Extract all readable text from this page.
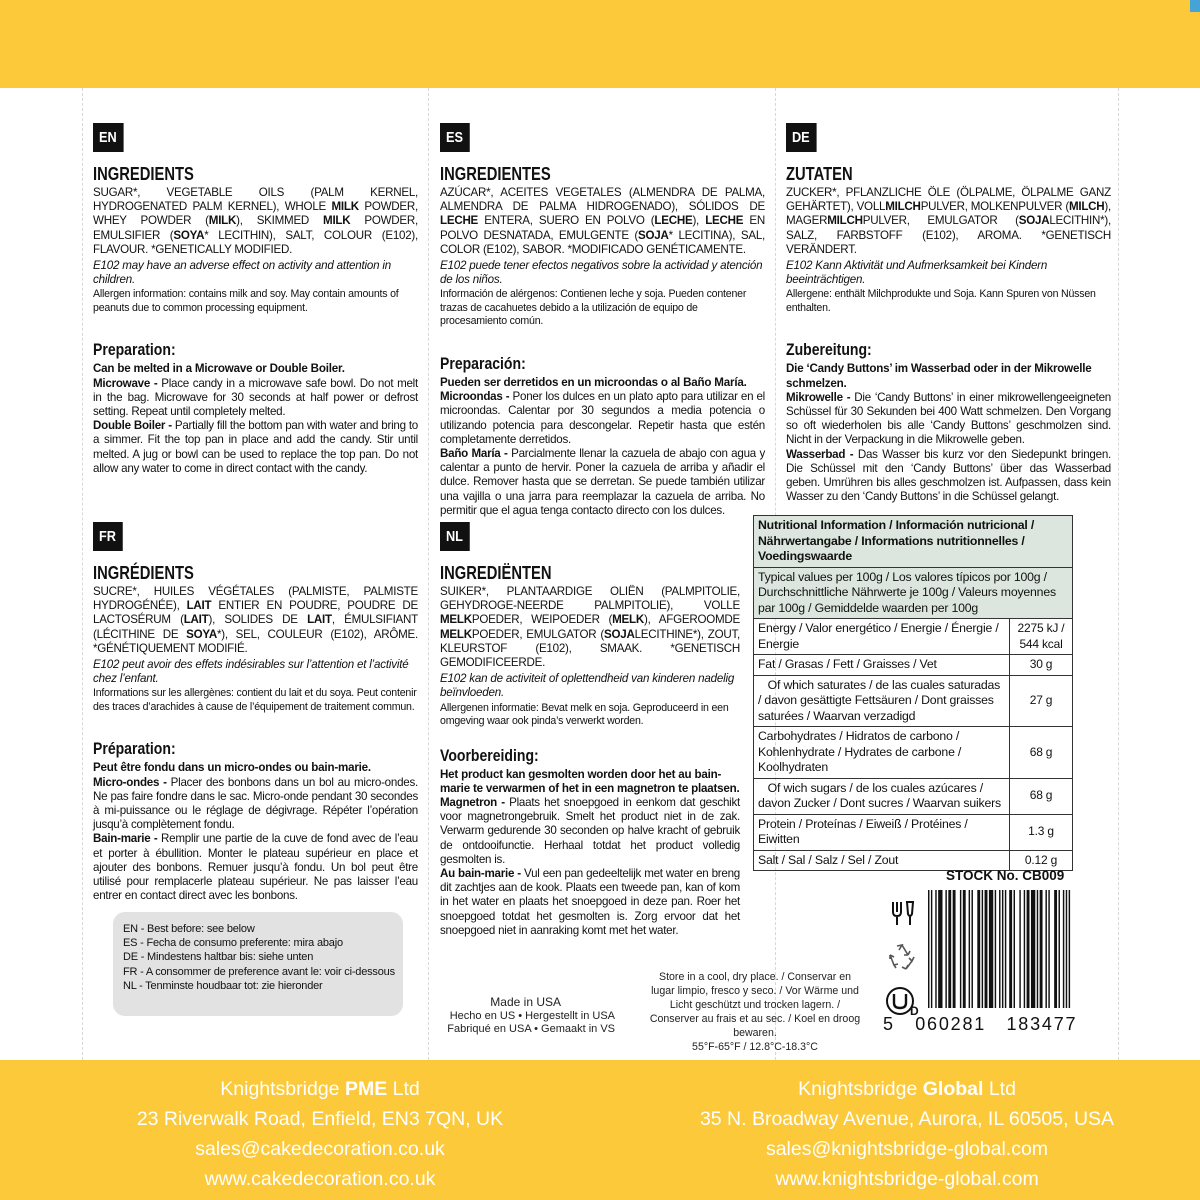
EN
INGREDIENTS

SUGAR*, VEGETABLE OILS (PALM KERNEL, HYDROGENATED PALM KERNEL), WHOLE MILK POWDER, WHEY POWDER (MILK), SKIMMED MILK POWDER, EMULSIFIER (SOYA* LECITHIN), SALT, COLOUR (E102), FLAVOUR. *GENETICALLY MODIFIED.

E102 may have an adverse effect on activity and attention in children.

Allergen information: contains milk and soy. May contain amounts of peanuts due to common processing equipment.

Preparation:

Can be melted in a Microwave or Double Boiler.

Microwave - Place candy in a microwave safe bowl. Do not melt in the bag. Microwave for 30 seconds at half power or defrost setting. Repeat until completely melted.

Double Boiler - Partially fill the bottom pan with water and bring to a simmer. Fit the top pan in place and add the candy. Stir until melted. A jug or bowl can be used to replace the top pan. Do not allow any water to come in direct contact with the candy.

ES
INGREDIENTES

AZÚCAR*, ACEITES VEGETALES (ALMENDRA DE PALMA, ALMENDRA DE PALMA HIDROGENADO), SÓLIDOS DE LECHE ENTERA, SUERO EN POLVO (LECHE), LECHE EN POLVO DESNATADA, EMULGENTE (SOJA* LECITINA), SAL, COLOR (E102), SABOR. *MODIFICADO GENÉTICAMENTE.

E102 puede tener efectos negativos sobre la actividad y atención de los niños.

Información de alérgenos: Contienen leche y soja. Pueden contener trazas de cacahuetes debido a la utilización de equipo de procesamiento común.

Preparación:

Pueden ser derretidos en un microondas o al Baño María.

Microondas - Poner los dulces en un plato apto para utilizar en el microondas. Calentar por 30 segundos a media potencia o utilizando potencia para descongelar. Repetir hasta que estén completamente derretidos.

Baño María - Parcialmente llenar la cazuela de abajo con agua y calentar a punto de hervir. Poner la cazuela de arriba y añadir el dulce. Remover hasta que se derretan. Se puede también utilizar una vajilla o una jarra para reemplazar la cazuela de arriba. No permitir que el agua tenga contacto directo con los dulces.

DE
ZUTATEN

ZUCKER*, PFLANZLICHE ÖLE (ÖLPALME, ÖLPALME GANZ GEHÄRTET), VOLLMILCHPULVER, MOLKENPULVER (MILCH), MAGERMILCHPULVER, EMULGATOR (SOJALECITHIN*), SALZ, FARBSTOFF (E102), AROMA. *GENETISCH VERÄNDERT.

E102 Kann Aktivität und Aufmerksamkeit bei Kindern beeinträchtigen.

Allergene: enthält Milchprodukte und Soja. Kann Spuren von Nüssen enthalten.

Zubereitung:

Die ‘Candy Buttons’ im Wasserbad oder in der Mikrowelle schmelzen.

Mikrowelle - Die ‘Candy Buttons’ in einer mikrowellengeeigneten Schüssel für 30 Sekunden bei 400 Watt schmelzen. Den Vorgang so oft wiederholen bis alle ‘Candy Buttons’ geschmolzen sind. Nicht in der Verpackung in die Mikrowelle geben.

Wasserbad - Das Wasser bis kurz vor den Siedepunkt bringen. Die Schüssel mit den ‘Candy Buttons’ über das Wasserbad geben. Umrühren bis alles geschmolzen ist. Aufpassen, dass kein Wasser zu den ‘Candy Buttons’ in die Schüssel gelangt.

FR
INGRÉDIENTS

SUCRE*, HUILES VÉGÉTALES (PALMISTE, PALMISTE HYDROGÉNÉE), LAIT ENTIER EN POUDRE, POUDRE DE LACTOSÉRUM (LAIT), SOLIDES DE LAIT, ÉMULSIFIANT (LÉCITHINE DE SOYA*), SEL, COULEUR (E102), ARÔME. *GÉNÉTIQUEMENT MODIFIÉ.

E102 peut avoir des effets indésirables sur l’attention et l’activité chez l’enfant.

Informations sur les allergènes: contient du lait et du soya. Peut contenir des traces d’arachides à cause de l’équipement de traitement commun.

Préparation:

Peut être fondu dans un micro-ondes ou bain-marie.

Micro-ondes - Placer des bonbons dans un bol au micro-ondes. Ne pas faire fondre dans le sac. Micro-onde pendant 30 secondes à mi-puissance ou le réglage de dégivrage. Répéter l’opération jusqu’à complètement fondu.

Bain-marie - Remplir une partie de la cuve de fond avec de l’eau et porter à ébullition. Monter le plateau supérieur en place et ajouter des bonbons. Remuer jusqu’à fondu. Un bol peut être utilisé pour remplacerle plateau supérieur. Ne pas laisser l’eau entrer en contact direct avec les bonbons.

NL
INGREDIËNTEN

SUIKER*, PLANTAARDIGE OLIËN (PALMPITOLIE, GEHYDROGE-NEERDE PALMPITOLIE), VOLLE MELKPOEDER, WEIPOEDER (MELK), AFGEROOMDE MELKPOEDER, EMULGATOR (SOJALECITHINE*), ZOUT, KLEURSTOF (E102), SMAAK. *GENETISCH GEMODIFICEERDE.

E102 kan de activiteit of oplettendheid van kinderen nadelig beïnvloeden.

Allergenen informatie: Bevat melk en soja. Geproduceerd in een omgeving waar ook pinda’s verwerkt worden.

Voorbereiding:

Het product kan gesmolten worden door het au bain-marie te verwarmen of het in een magnetron te plaatsen.

Magnetron - Plaats het snoepgoed in eenkom dat geschikt voor magnetrongebruik. Smelt het product niet in de zak. Verwarm gedurende 30 seconden op halve kracht of gebruik de ontdooifunctie. Herhaal totdat het product volledig gesmolten is.

Au bain-marie - Vul een pan gedeeltelijk met water en breng dit zachtjes aan de kook. Plaats een tweede pan, kan of kom in het water en plaats het snoepgoed in deze pan. Roer het snoepgoed totdat het gesmolten is. Zorg ervoor dat het snoepgoed niet in aanraking komt met het water.

Nutritional Information / Información nutricional / Nährwertangabe / Informations nutritionnelles / Voedingswaarde	
Typical values per 100g / Los valores típicos por 100g / Durchschnittliche Nährwerte je 100g / Valeurs moyennes par 100g / Gemiddelde waarden per 100g	
Energy / Valor energético / Energie / Énergie / Energie	2275 kJ / 544 kcal
Fat / Grasas / Fett / Graisses / Vet	30 g
Of which saturates / de las cuales saturadas / davon gesättigte Fettsäuren / Dont graisses saturées / Waarvan verzadigd	27 g
Carbohydrates / Hidratos de carbono / Kohlenhydrate / Hydrates de carbone / Koolhydraten	68 g
Of wich sugars / de los cuales azúcares / davon Zucker / Dont sucres / Waarvan suikers	68 g
Protein / Proteínas / Eiweiß / Protéines / Eiwitten	1.3 g
Salt / Sal / Salz / Sel / Zout	0.12 g
EN - Best before: see below
ES - Fecha de consumo preferente: mira abajo
DE - Mindestens haltbar bis: siehe unten
FR - A consommer de preference avant le: voir ci-dessous
NL - Tenminste houdbaar tot: zie hieronder
Made in USA
Hecho en US • Hergestellt in USA
Fabriqué en USA • Gemaakt in VS
Store in a cool, dry place. / Conservar en lugar limpio, fresco y seco. / Vor Wärme und Licht geschützt und trocken lagern. / Conserver au frais et au sec. / Koel en droog bewaren.
55°F-65°F / 12.8°C-18.3°C
STOCK No. CB009
D
5   060281   183477
Knightsbridge PME Ltd
23 Riverwalk Road, Enfield, EN3 7QN, UK
sales@cakedecoration.co.uk
www.cakedecoration.co.uk
Knightsbridge Global Ltd
35 N. Broadway Avenue, Aurora, IL 60505, USA
sales@knightsbridge-global.com
www.knightsbridge-global.com
